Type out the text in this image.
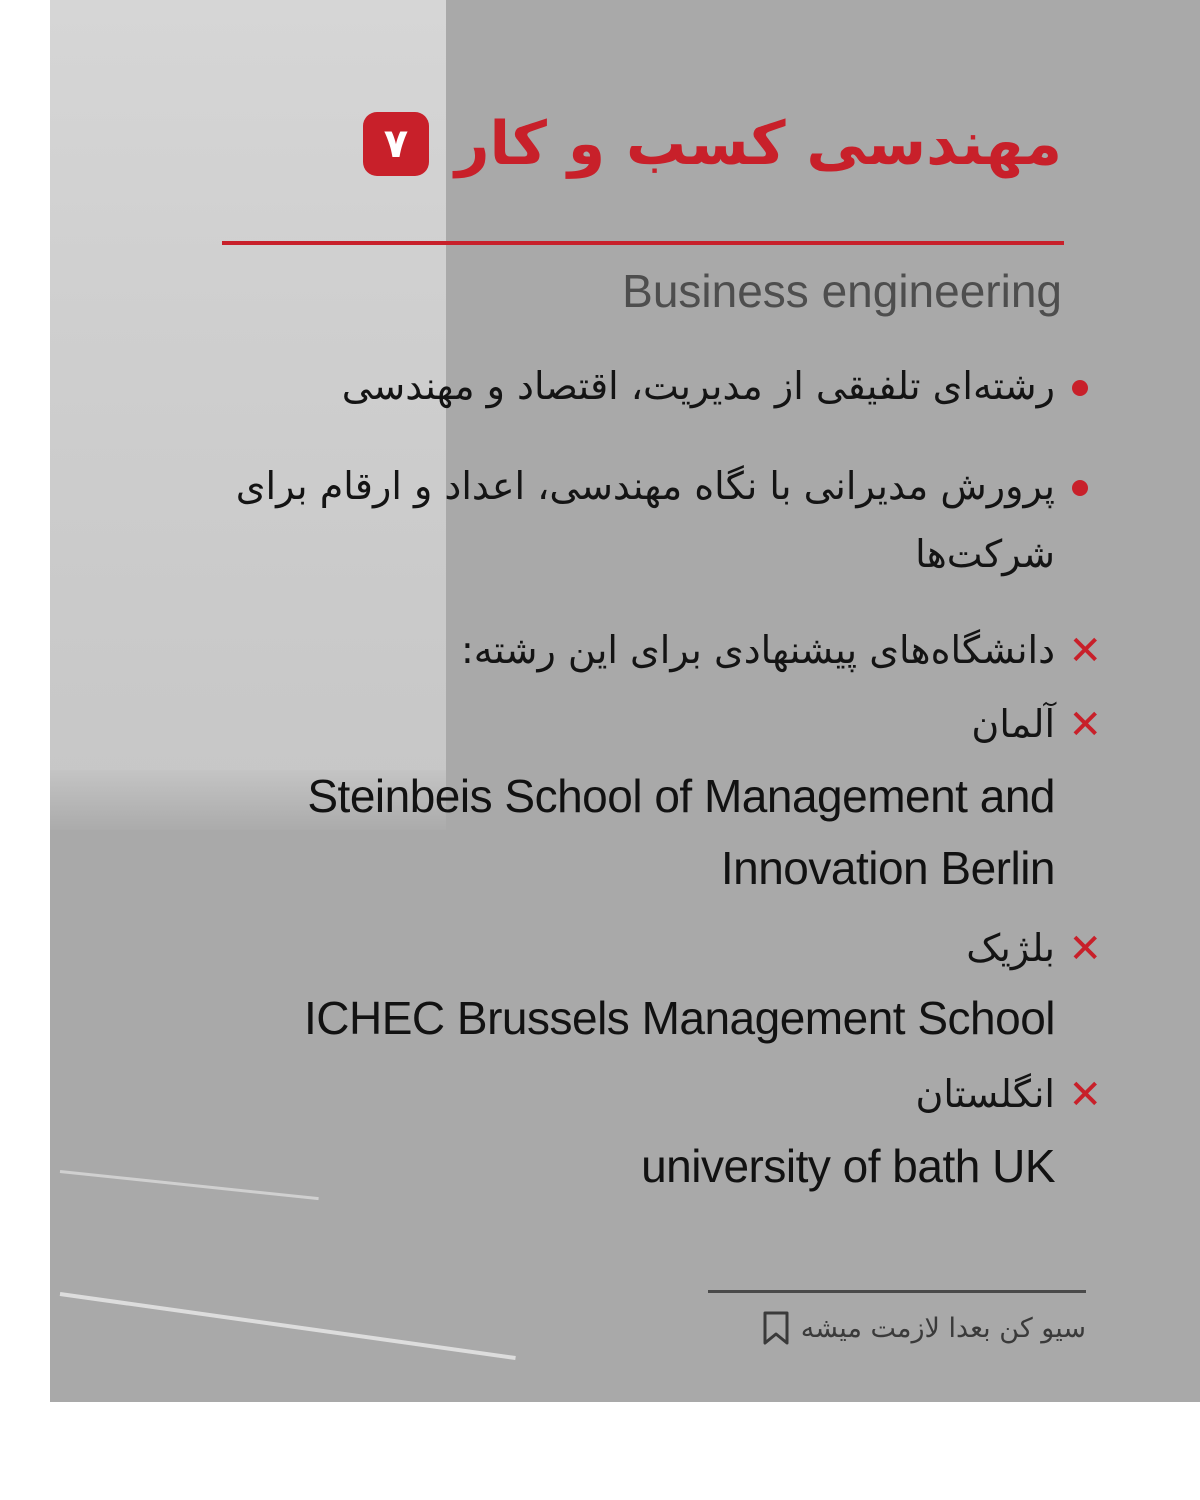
مهندسی کسب و کار
۷
Business engineering
رشته‌ای تلفیقی از مدیریت، اقتصاد و مهندسی
پرورش مدیرانی با نگاه مهندسی، اعداد و ارقام برای شرکت‌ها
✕
دانشگاه‌های پیشنهادی برای این رشته:
✕
آلمان
Steinbeis School of Management and Innovation Berlin
✕
بلژیک
ICHEC Brussels Management School
✕
انگلستان
university of bath UK
سیو کن بعدا لازمت میشه
